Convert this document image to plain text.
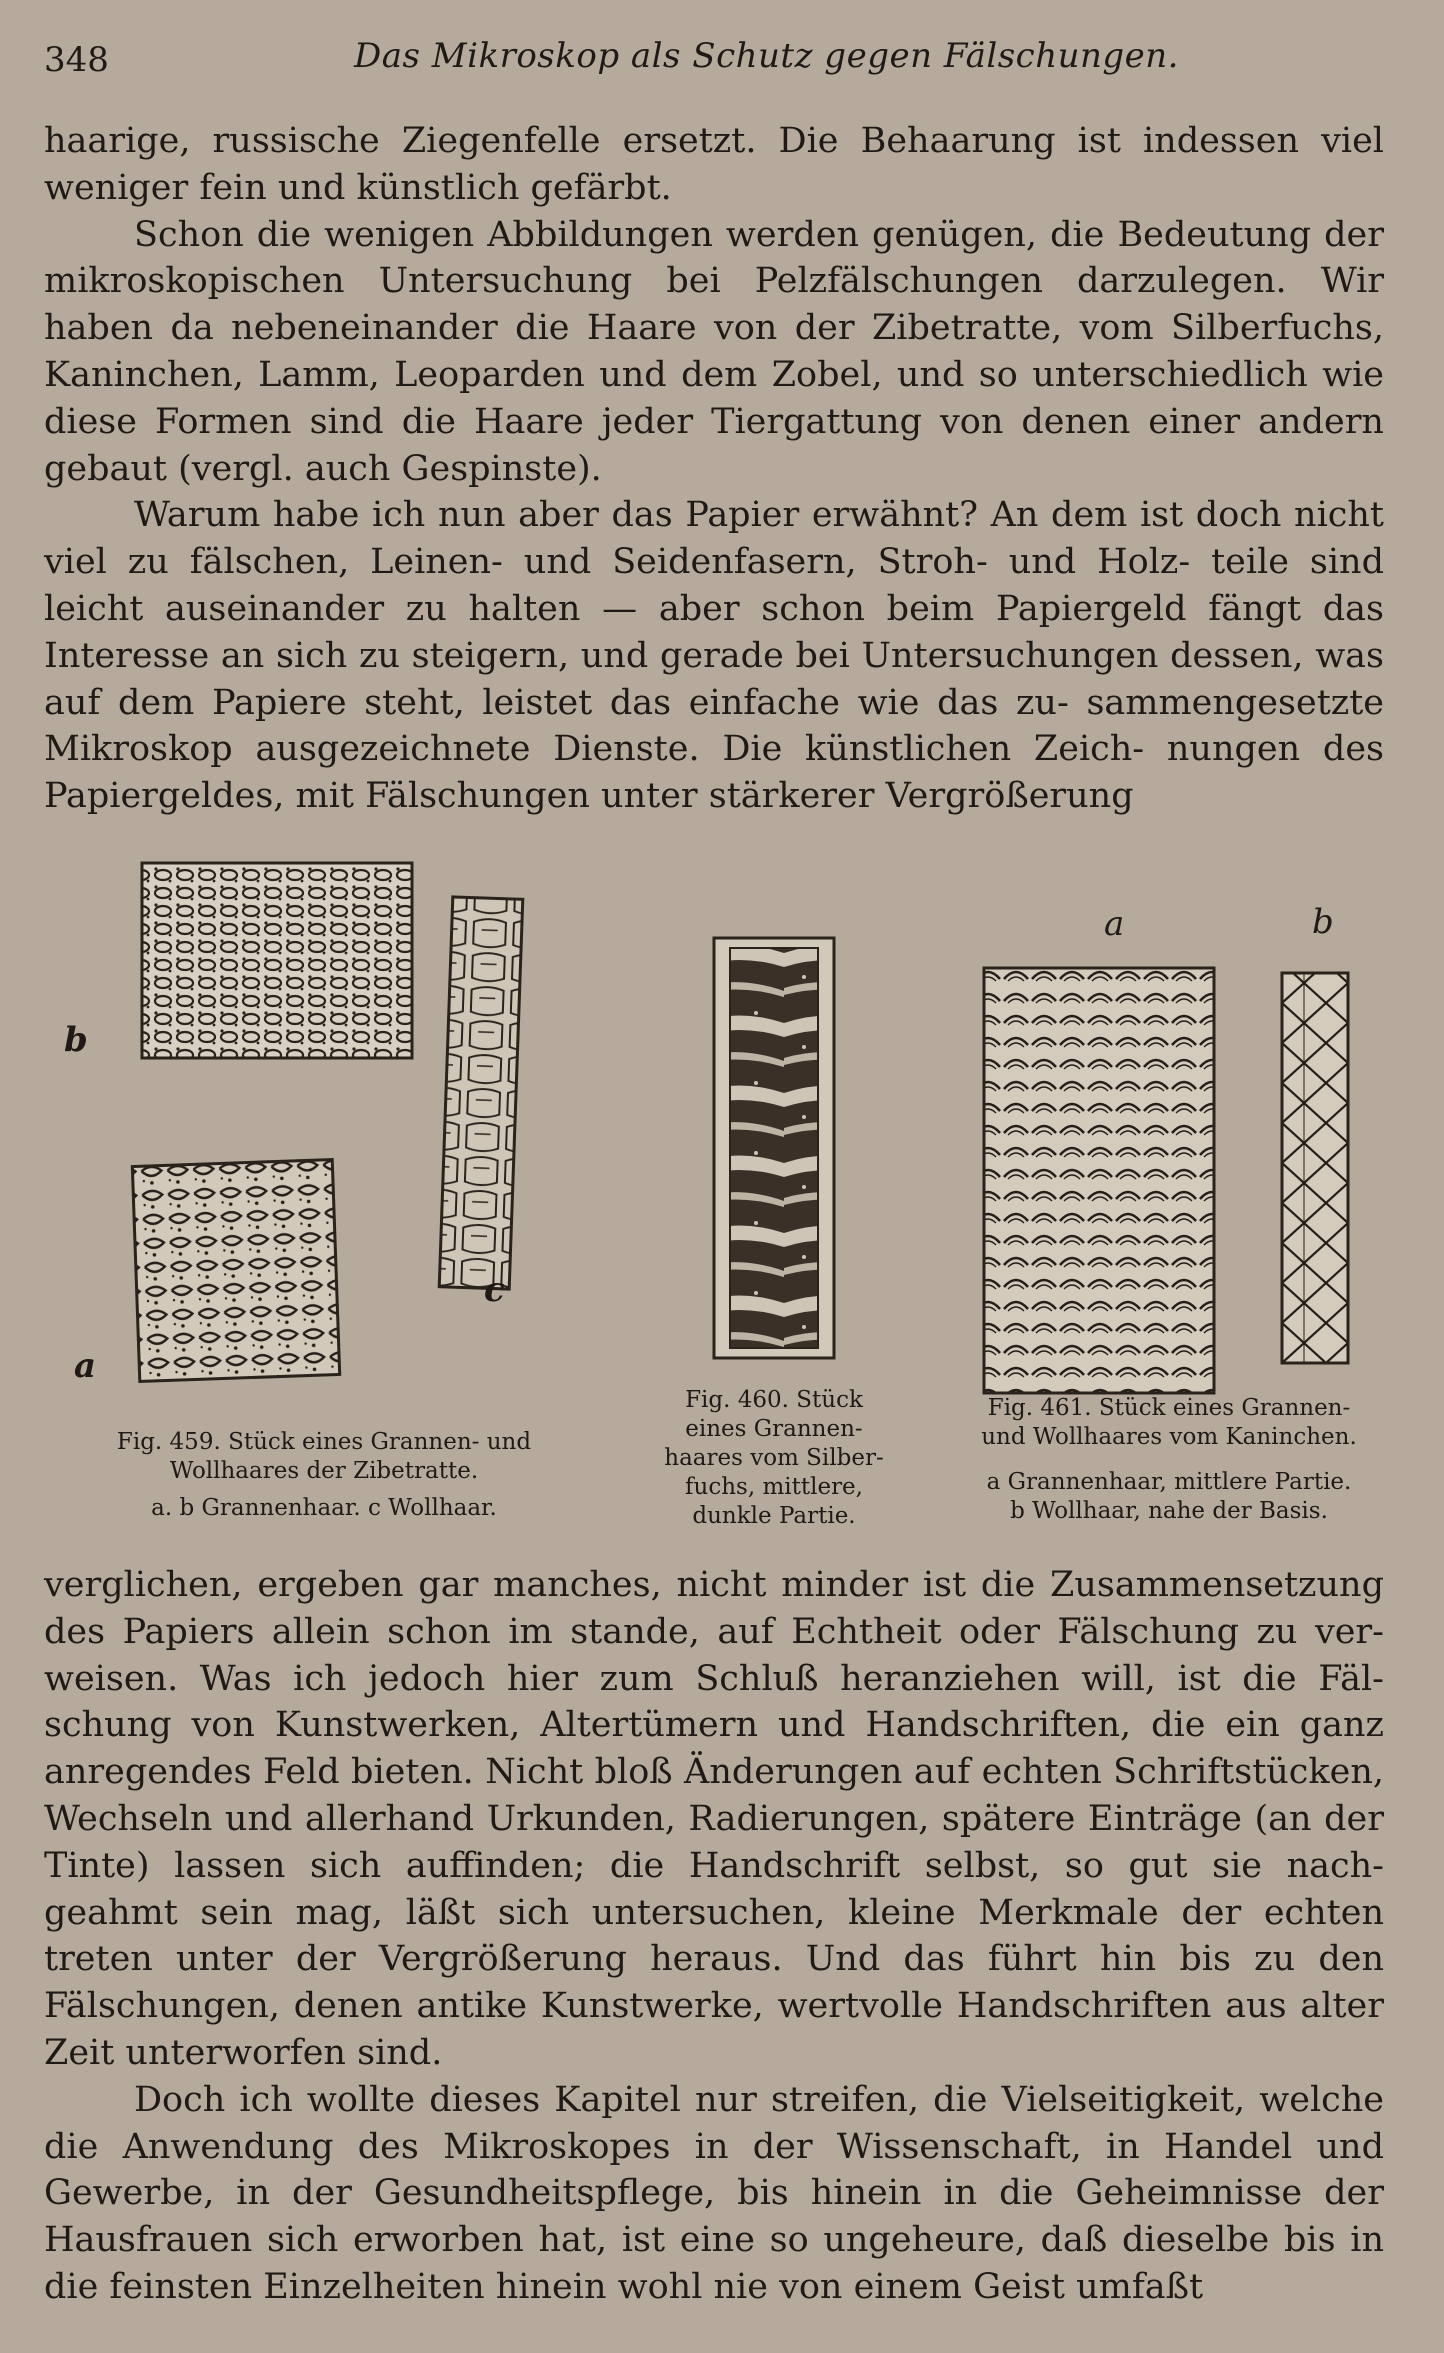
348	Das Mikroskop als Schutz gegen Fälschungen.

haarige, russische Ziegenfelle ersetzt. Die Behaarung ist indessen viel weniger fein und künstlich gefärbt.

Schon die wenigen Abbildungen werden genügen, die Bedeutung der mikroskopischen Untersuchung bei Pelzfälschungen darzulegen. Wir haben da nebeneinander die Haare von der Zibetratte, vom Silberfuchs, Kaninchen, Lamm, Leoparden und dem Zobel, und so unterschiedlich wie diese Formen sind die Haare jeder Tiergattung von denen einer andern gebaut (vergl. auch Gespinste).

Warum habe ich nun aber das Papier erwähnt? An dem ist doch nicht viel zu fälschen, Leinen- und Seidenfasern, Stroh- und Holz- teile sind leicht auseinander zu halten — aber schon beim Papiergeld fängt das Interesse an sich zu steigern, und gerade bei Untersuchungen dessen, was auf dem Papiere steht, leistet das einfache wie das zu- sammengesetzte Mikroskop ausgezeichnete Dienste. Die künstlichen Zeich- nungen des Papiergeldes, mit Fälschungen unter stärkerer Vergrößerung

b
a
c
Fig. 459. Stück eines Grannen- und
Wollhaares der Zibetratte.
a. b Grannenhaar. c Wollhaar.
Fig. 460. Stück
eines Grannen-
haares vom Silber-
fuchs, mittlere,
dunkle Partie.
a	b
Fig. 461. Stück eines Grannen-
und Wollhaares vom Kaninchen.
a Grannenhaar, mittlere Partie.
b Wollhaar, nahe der Basis.

verglichen, ergeben gar manches, nicht minder ist die Zusammensetzung des Papiers allein schon im stande, auf Echtheit oder Fälschung zu ver- weisen. Was ich jedoch hier zum Schluß heranziehen will, ist die Fäl- schung von Kunstwerken, Altertümern und Handschriften, die ein ganz anregendes Feld bieten. Nicht bloß Änderungen auf echten Schriftstücken, Wechseln und allerhand Urkunden, Radierungen, spätere Einträge (an der Tinte) lassen sich auffinden; die Handschrift selbst, so gut sie nach- geahmt sein mag, läßt sich untersuchen, kleine Merkmale der echten treten unter der Vergrößerung heraus. Und das führt hin bis zu den Fälschungen, denen antike Kunstwerke, wertvolle Handschriften aus alter Zeit unterworfen sind.

Doch ich wollte dieses Kapitel nur streifen, die Vielseitigkeit, welche die Anwendung des Mikroskopes in der Wissenschaft, in Handel und Gewerbe, in der Gesundheitspflege, bis hinein in die Geheimnisse der Hausfrauen sich erworben hat, ist eine so ungeheure, daß dieselbe bis in die feinsten Einzelheiten hinein wohl nie von einem Geist umfaßt
